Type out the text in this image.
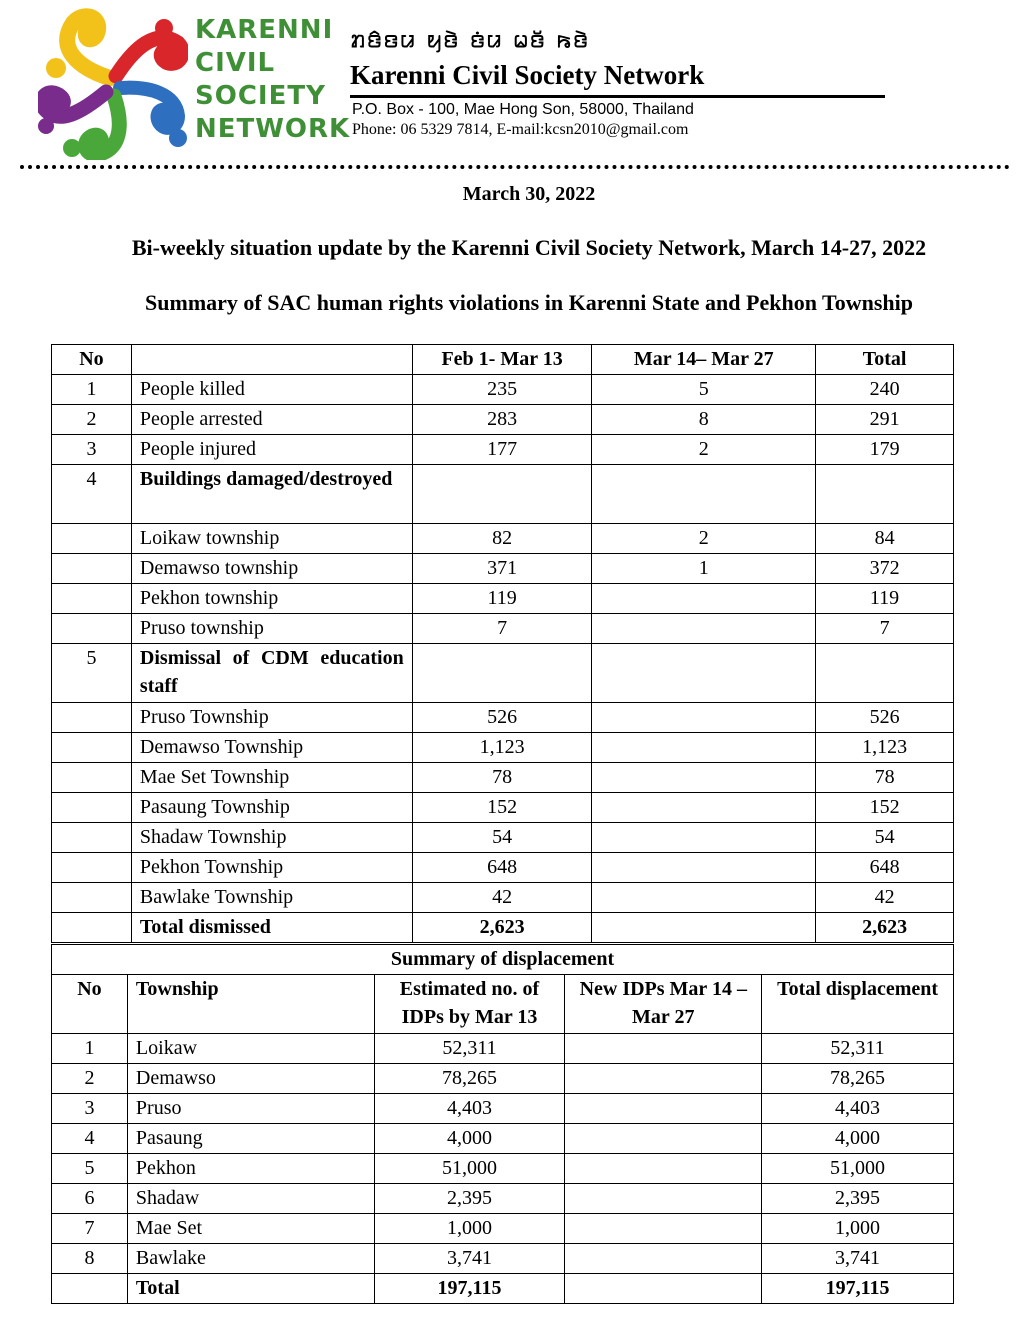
KARENNI
CIVIL
SOCIETY
NETWORK
ꤊꤢꤨꤢꤣ ꤟꤢꤧ ꤢꤦꤣ ꤗꤢꤩ ꤒꤢꤧ
Karenni Civil Society Network
P.O. Box - 100, Mae Hong Son, 58000, Thailand
Phone: 06 5329 7814, E-mail:kcsn2010@gmail.com
March 30, 2022
Bi-weekly situation update by the Karenni Civil Society Network, March 14-27, 2022
Summary of SAC human rights violations in Karenni State and Pekhon Township
No		Feb 1- Mar 13	Mar 14– Mar 27	Total
1	People killed	235	5	240
2	People arrested	283	8	291
3	People injured	177	2	179
4	Buildings damaged/destroyed			
	Loikaw township	82	2	84
	Demawso township	371	1	372
	Pekhon township	119		119
	Pruso township	7		7
5	Dismissal of CDM education staff			
	Pruso Township	526		526
	Demawso Township	1,123		1,123
	Mae Set Township	78		78
	Pasaung Township	152		152
	Shadaw Township	54		54
	Pekhon Township	648		648
	Bawlake Township	42		42
	Total dismissed	2,623		2,623
Summary of displacement				
No	Township	Estimated no. of IDPs by Mar 13	New IDPs Mar 14 – Mar 27	Total displacement
1	Loikaw	52,311		52,311
2	Demawso	78,265		78,265
3	Pruso	4,403		4,403
4	Pasaung	4,000		4,000
5	Pekhon	51,000		51,000
6	Shadaw	2,395		2,395
7	Mae Set	1,000		1,000
8	Bawlake	3,741		3,741
	Total	197,115		197,115
